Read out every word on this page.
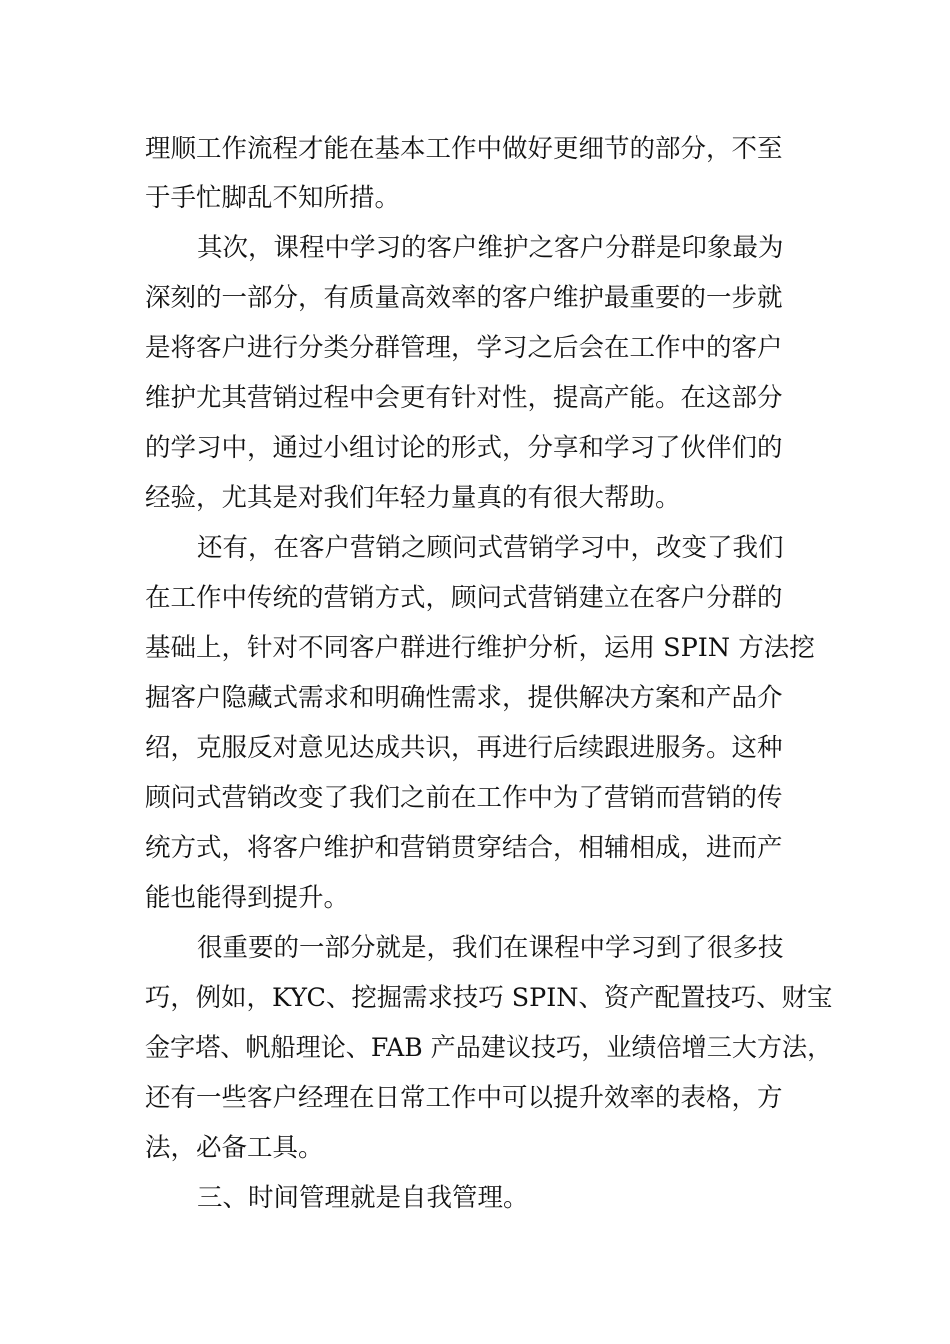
理顺工作流程才能在基本工作中做好更细节的部分，不至
于手忙脚乱不知所措。
其次，课程中学习的客户维护之客户分群是印象最为
深刻的一部分，有质量高效率的客户维护最重要的一步就
是将客户进行分类分群管理，学习之后会在工作中的客户
维护尤其营销过程中会更有针对性，提高产能。在这部分
的学习中，通过小组讨论的形式，分享和学习了伙伴们的
经验，尤其是对我们年轻力量真的有很大帮助。
还有，在客户营销之顾问式营销学习中，改变了我们
在工作中传统的营销方式，顾问式营销建立在客户分群的
基础上，针对不同客户群进行维护分析，运用 SPIN 方法挖
掘客户隐藏式需求和明确性需求，提供解决方案和产品介
绍，克服反对意见达成共识，再进行后续跟进服务。这种
顾问式营销改变了我们之前在工作中为了营销而营销的传
统方式，将客户维护和营销贯穿结合，相辅相成，进而产
能也能得到提升。
很重要的一部分就是，我们在课程中学习到了很多技
巧，例如，KYC、挖掘需求技巧 SPIN、资产配置技巧、财宝
金字塔、帆船理论、FAB 产品建议技巧，业绩倍增三大方法，
还有一些客户经理在日常工作中可以提升效率的表格，方
法，必备工具。
三、时间管理就是自我管理。
